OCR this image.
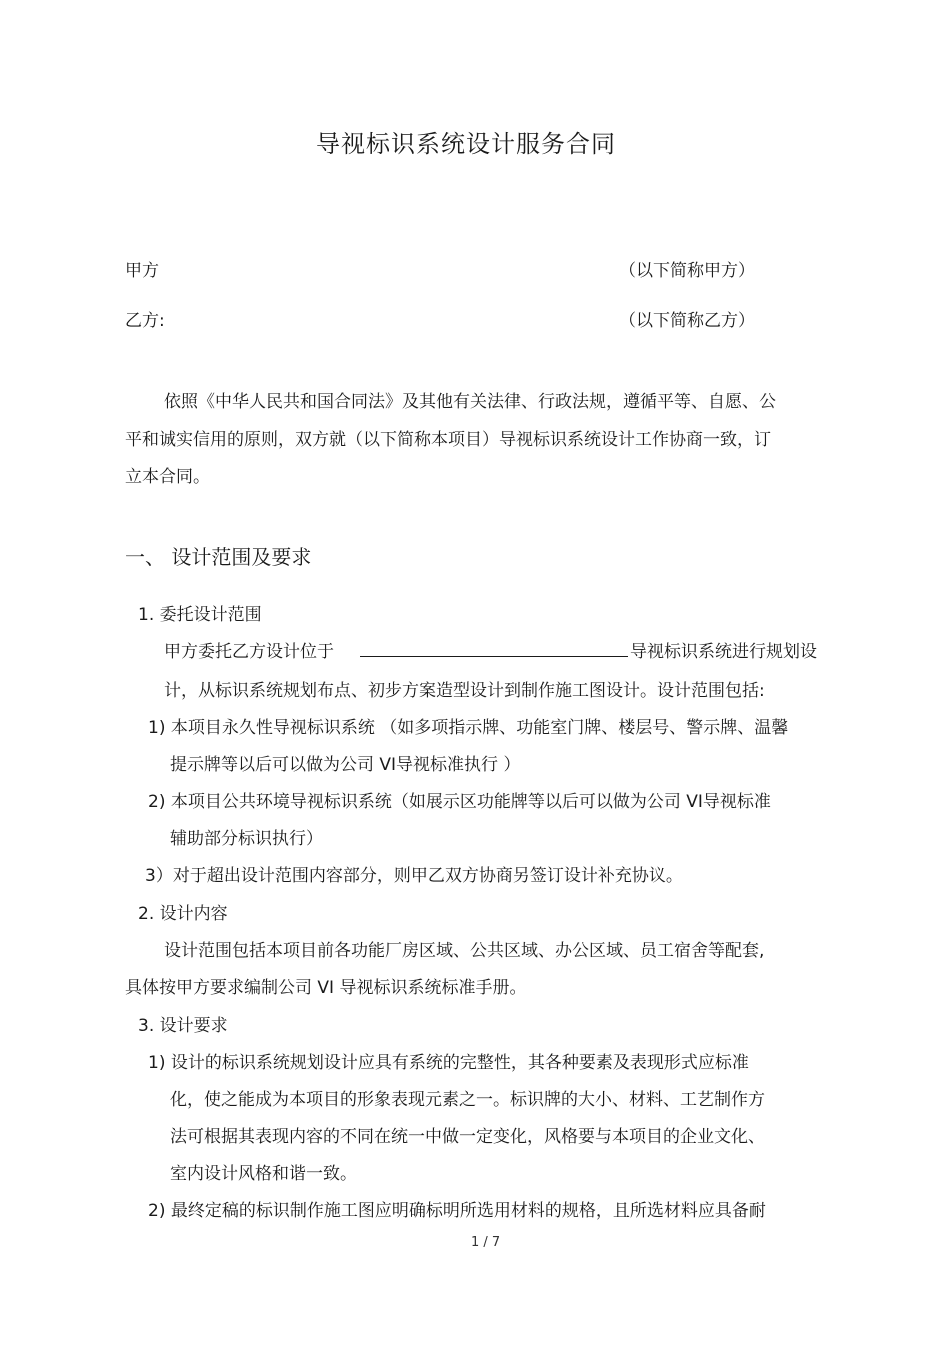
导视标识系统设计服务合同
甲方	（以下简称甲方）
乙方:	（以下简称乙方）
依照《中华人民共和国合同法》及其他有关法律、行政法规，遵循平等、自愿、公
平和诚实信用的原则，双方就（以下简称本项目）导视标识系统设计工作协商一致，订
立本合同。
一、 设计范围及要求
1. 委托设计范围
甲方委托乙方设计位于	导视标识系统进行规划设
计，从标识系统规划布点、初步方案造型设计到制作施工图设计。设计范围包括:
1) 本项目永久性导视标识系统 （如多项指示牌、功能室门牌、楼层号、警示牌、温馨
提示牌等以后可以做为公司 VI导视标准执行 ）
2) 本项目公共环境导视标识系统（如展示区功能牌等以后可以做为公司 VI导视标准
辅助部分标识执行）
3）对于超出设计范围内容部分，则甲乙双方协商另签订设计补充协议。
2. 设计内容
设计范围包括本项目前各功能厂房区域、公共区域、办公区域、员工宿舍等配套,
具体按甲方要求编制公司 VI 导视标识系统标准手册。
3. 设计要求
1) 设计的标识系统规划设计应具有系统的完整性，其各种要素及表现形式应标准
化，使之能成为本项目的形象表现元素之一。标识牌的大小、材料、工艺制作方
法可根据其表现内容的不同在统一中做一定变化，风格要与本项目的企业文化、
室内设计风格和谐一致。
2) 最终定稿的标识制作施工图应明确标明所选用材料的规格，且所选材料应具备耐
1 / 7
